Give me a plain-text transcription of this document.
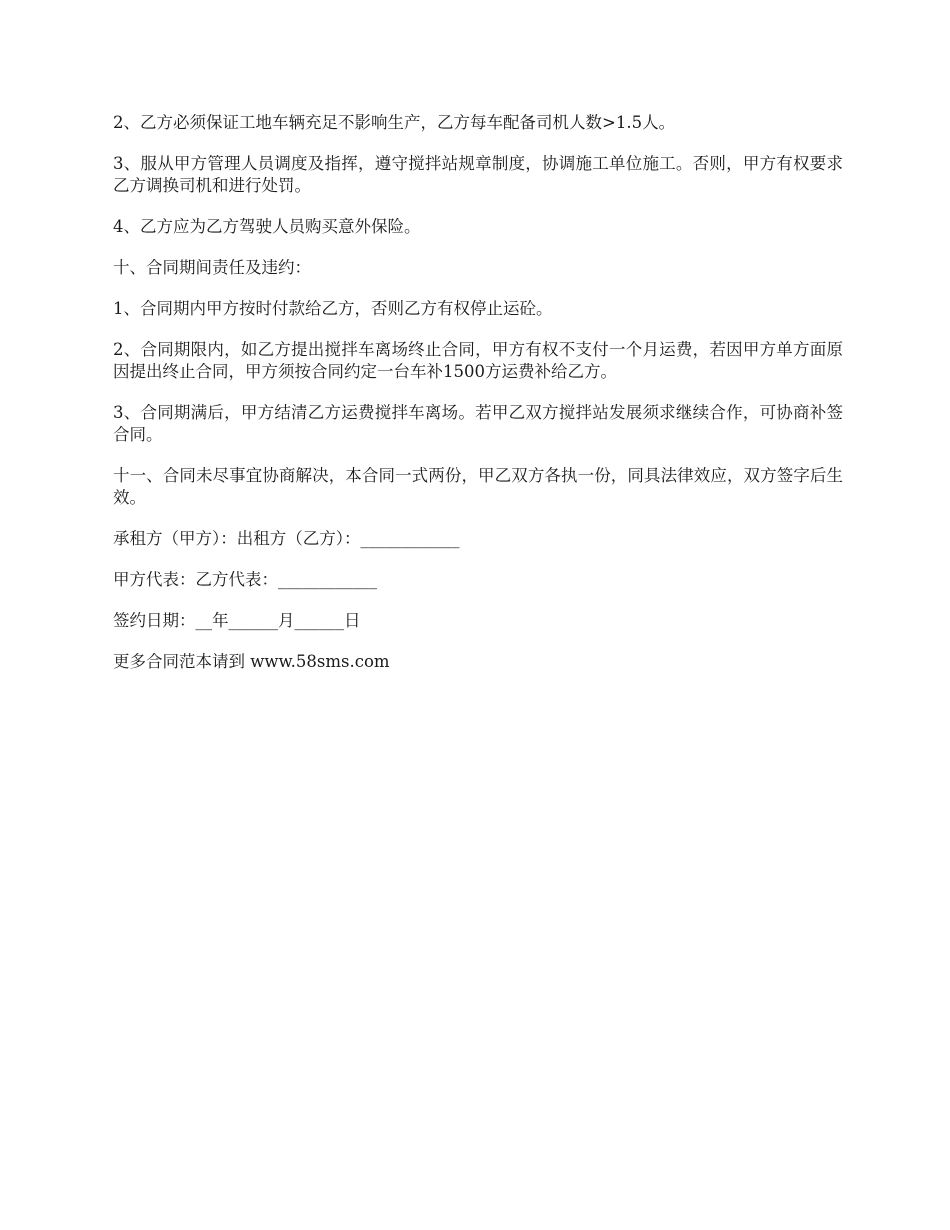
2、乙方必须保证工地车辆充足不影响生产，乙方每车配备司机人数>1.5人。

3、服从甲方管理人员调度及指挥，遵守搅拌站规章制度，协调施工单位施工。否则，甲方有权要求乙方调换司机和进行处罚。

4、乙方应为乙方驾驶人员购买意外保险。

十、合同期间责任及违约：

1、合同期内甲方按时付款给乙方，否则乙方有权停止运砼。

2、合同期限内，如乙方提出搅拌车离场终止合同，甲方有权不支付一个月运费，若因甲方单方面原因提出终止合同，甲方须按合同约定一台车补1500方运费补给乙方。

3、合同期满后，甲方结清乙方运费搅拌车离场。若甲乙双方搅拌站发展须求继续合作，可协商补签合同。

十一、合同未尽事宜协商解决，本合同一式两份，甲乙双方各执一份，同具法律效应，双方签字后生效。

承租方（甲方）：出租方（乙方）：____________

甲方代表：乙方代表：____________

签约日期：__年______月______日

更多合同范本请到 www.58sms.com
